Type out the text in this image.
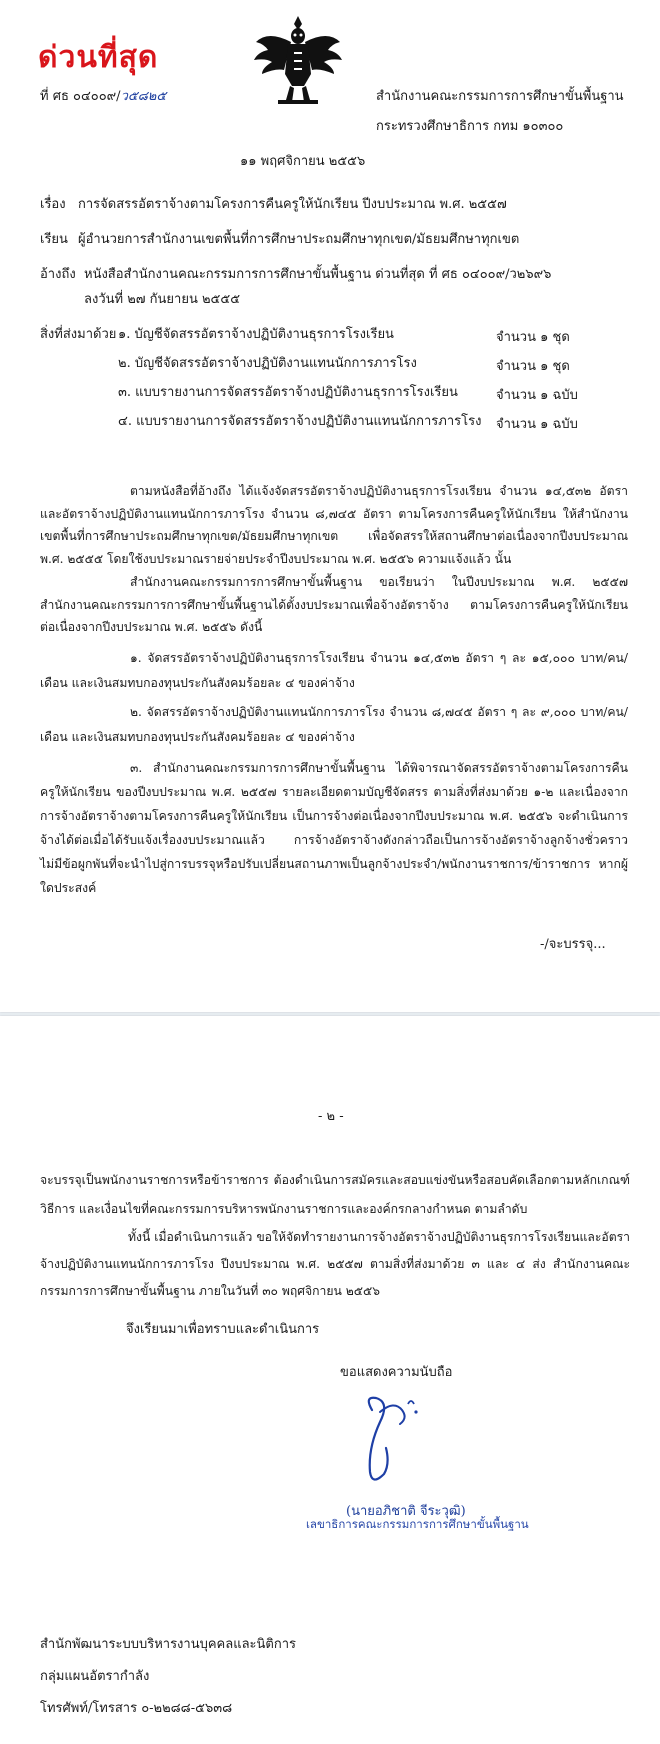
ด่วนที่สุด
ที่ ศธ ๐๔๐๐๙/ว๕๘๒๕	สำนักงานคณะกรรมการการศึกษาขั้นพื้นฐาน
กระทรวงศึกษาธิการ กทม ๑๐๓๐๐
๑๑ พฤศจิกายน ๒๕๕๖
เรื่อง การจัดสรรอัตราจ้างตามโครงการคืนครูให้นักเรียน ปีงบประมาณ พ.ศ. ๒๕๕๗
เรียน ผู้อำนวยการสำนักงานเขตพื้นที่การศึกษาประถมศึกษาทุกเขต/มัธยมศึกษาทุกเขต
อ้างถึง หนังสือสำนักงานคณะกรรมการการศึกษาขั้นพื้นฐาน ด่วนที่สุด ที่ ศธ ๐๔๐๐๙/ว๒๖๙๖
ลงวันที่ ๒๗ กันยายน ๒๕๕๕
สิ่งที่ส่งมาด้วย ๑. บัญชีจัดสรรอัตราจ้างปฏิบัติงานธุรการโรงเรียน	จำนวน ๑ ชุด
๒. บัญชีจัดสรรอัตราจ้างปฏิบัติงานแทนนักการภารโรง	จำนวน ๑ ชุด
๓. แบบรายงานการจัดสรรอัตราจ้างปฏิบัติงานธุรการโรงเรียน	จำนวน ๑ ฉบับ
๔. แบบรายงานการจัดสรรอัตราจ้างปฏิบัติงานแทนนักการภารโรง จำนวน ๑ ฉบับ
ตามหนังสือที่อ้างถึง ได้แจ้งจัดสรรอัตราจ้างปฏิบัติงานธุรการโรงเรียน จำนวน ๑๔,๕๓๒ อัตรา และอัตราจ้างปฏิบัติงานแทนนักการภารโรง จำนวน ๘,๗๔๕ อัตรา ตามโครงการคืนครูให้นักเรียน ให้สำนักงานเขตพื้นที่การศึกษาประถมศึกษาทุกเขต/มัธยมศึกษาทุกเขต เพื่อจัดสรรให้สถานศึกษาต่อเนื่องจากปีงบประมาณ พ.ศ. ๒๕๕๕ โดยใช้งบประมาณรายจ่ายประจำปีงบประมาณ พ.ศ. ๒๕๕๖ ความแจ้งแล้ว นั้น
สำนักงานคณะกรรมการการศึกษาขั้นพื้นฐาน ขอเรียนว่า ในปีงบประมาณ พ.ศ. ๒๕๕๗ สำนักงานคณะกรรมการการศึกษาขั้นพื้นฐานได้ตั้งงบประมาณเพื่อจ้างอัตราจ้าง ตามโครงการคืนครูให้นักเรียน ต่อเนื่องจากปีงบประมาณ พ.ศ. ๒๕๕๖ ดังนี้
๑. จัดสรรอัตราจ้างปฏิบัติงานธุรการโรงเรียน จำนวน ๑๔,๕๓๒ อัตรา ๆ ละ ๑๕,๐๐๐ บาท/คน/เดือน และเงินสมทบกองทุนประกันสังคมร้อยละ ๔ ของค่าจ้าง
๒. จัดสรรอัตราจ้างปฏิบัติงานแทนนักการภารโรง จำนวน ๘,๗๔๕ อัตรา ๆ ละ ๙,๐๐๐ บาท/คน/เดือน และเงินสมทบกองทุนประกันสังคมร้อยละ ๔ ของค่าจ้าง
๓. สำนักงานคณะกรรมการการศึกษาขั้นพื้นฐาน ได้พิจารณาจัดสรรอัตราจ้างตามโครงการคืนครูให้นักเรียน ของปีงบประมาณ พ.ศ. ๒๕๕๗ รายละเอียดตามบัญชีจัดสรร ตามสิ่งที่ส่งมาด้วย ๑-๒ และเนื่องจากการจ้างอัตราจ้างตามโครงการคืนครูให้นักเรียน เป็นการจ้างต่อเนื่องจากปีงบประมาณ พ.ศ. ๒๕๕๖ จะดำเนินการจ้างได้ต่อเมื่อได้รับแจ้งเรื่องงบประมาณแล้ว การจ้างอัตราจ้างดังกล่าวถือเป็นการจ้างอัตราจ้างลูกจ้างชั่วคราว ไม่มีข้อผูกพันที่จะนำไปสู่การบรรจุหรือปรับเปลี่ยนสถานภาพเป็นลูกจ้างประจำ/พนักงานราชการ/ข้าราชการ หากผู้ใดประสงค์
-/จะบรรจุ...
- ๒ -
จะบรรจุเป็นพนักงานราชการหรือข้าราชการ ต้องดำเนินการสมัครและสอบแข่งขันหรือสอบคัดเลือกตามหลักเกณฑ์ วิธีการ และเงื่อนไขที่คณะกรรมการบริหารพนักงานราชการและองค์กรกลางกำหนด ตามลำดับ
ทั้งนี้ เมื่อดำเนินการแล้ว ขอให้จัดทำรายงานการจ้างอัตราจ้างปฏิบัติงานธุรการโรงเรียนและอัตราจ้างปฏิบัติงานแทนนักการภารโรง ปีงบประมาณ พ.ศ. ๒๕๕๗ ตามสิ่งที่ส่งมาด้วย ๓ และ ๔ ส่ง สำนักงานคณะกรรมการการศึกษาขั้นพื้นฐาน ภายในวันที่ ๓๐ พฤศจิกายน ๒๕๕๖
จึงเรียนมาเพื่อทราบและดำเนินการ
ขอแสดงความนับถือ
(นายอภิชาติ จีระวุฒิ)
เลขาธิการคณะกรรมการการศึกษาขั้นพื้นฐาน
สำนักพัฒนาระบบบริหารงานบุคคลและนิติการ
กลุ่มแผนอัตรากำลัง
โทรศัพท์/โทรสาร ๐-๒๒๘๘-๕๖๓๘
